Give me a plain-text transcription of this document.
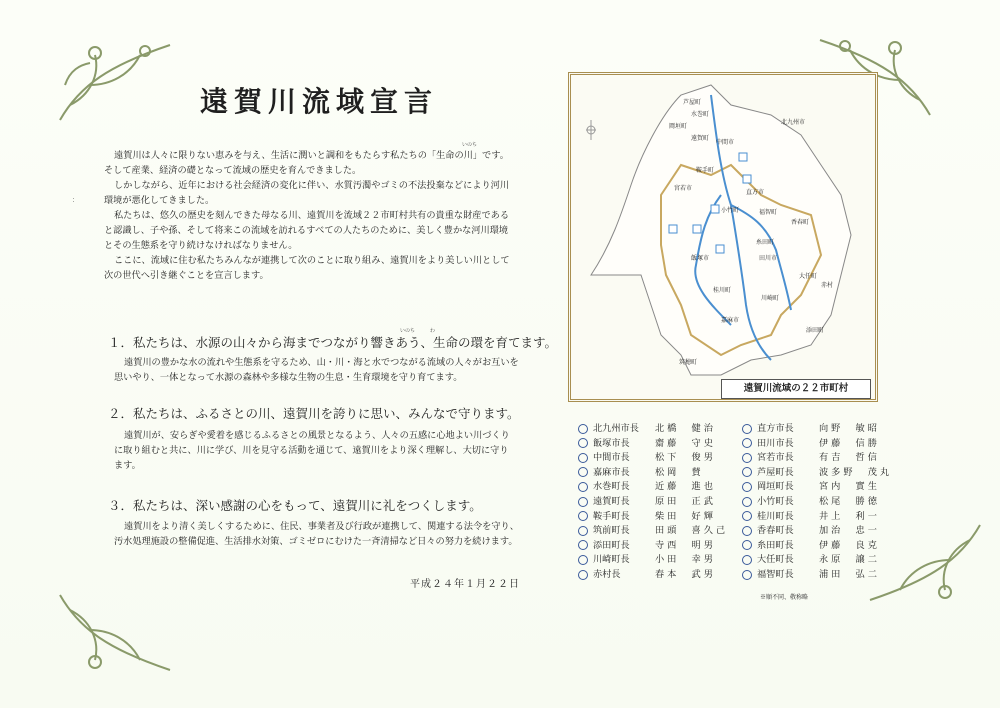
遠賀川流域宣言
：
いのち
遠賀川は人々に限りない恵みを与え、生活に潤いと調和をもたらす私たちの「生命の川」です。
そして産業、経済の礎となって流域の歴史を育んできました。
しかしながら、近年における社会経済の変化に伴い、水質汚濁やゴミの不法投棄などにより河川
環境が悪化してきました。
私たちは、悠久の歴史を刻んできた母なる川、遠賀川を流域２２市町村共有の貴重な財産である
と認識し、子や孫、そして将来この流域を訪れるすべての人たちのために、美しく豊かな河川環境
とその生態系を守り続けなければなりません。
ここに、流域に住む私たちみんなが連携して次のことに取り組み、遠賀川をより美しい川として
次の世代へ引き継ぐことを宣言します。
いのち	わ
１．私たちは、水源の山々から海までつながり響きあう、生命の環を育てます。
遠賀川の豊かな水の流れや生態系を守るため、山・川・海と水でつながる流域の人々がお互いを
思いやり、一体となって水源の森林や多様な生物の生息・生育環境を守り育てます。
２．私たちは、ふるさとの川、遠賀川を誇りに思い、みんなで守ります。
遠賀川が、安らぎや愛着を感じるふるさとの風景となるよう、人々の五感に心地よい川づくり
に取り組むと共に、川に学び、川を見守る活動を通じて、遠賀川をより深く理解し、大切に守り
ます。
３．私たちは、深い感謝の心をもって、遠賀川に礼をつくします。
遠賀川をより清く美しくするために、住民、事業者及び行政が連携して、関連する法令を守り、
汚水処理施設の整備促進、生活排水対策、ゴミゼロにむけた一斉清掃など日々の努力を続けます。
平成２４年１月２２日
芦屋町
水巻町
岡垣町
遠賀町
中間市
北九州市
鞍手町
直方市
宮若市
小竹町
香春町
福智町
糸田町
飯塚市	田川市
桂川町
川崎町
大任町
赤村
嘉麻市
添田町
筑穂町
遠賀川流域の２２市町村
北九州市長 北橋　健治
飯塚市長	齋藤　守史
中間市長	松下　俊男
嘉麻市長	松岡　賛
水巻町長	近藤　進也
遠賀町長	原田　正武
鞍手町長	柴田　好輝
筑前町長	田頭　喜久己
添田町長	寺西　明男
川崎町長	小田　幸男
赤村長	春本　武男
直方市長	向野　敏昭
田川市長	伊藤　信勝
宮若市長	有吉　哲信
芦屋町長	波多野　茂丸
岡垣町長	宮内　實生
小竹町長	松尾　勝徳
桂川町長	井上　利一
香春町長	加治　忠一
糸田町長	伊藤　良克
大任町長	永原　譲二
福智町長	浦田　弘二
※順不同、敬称略
